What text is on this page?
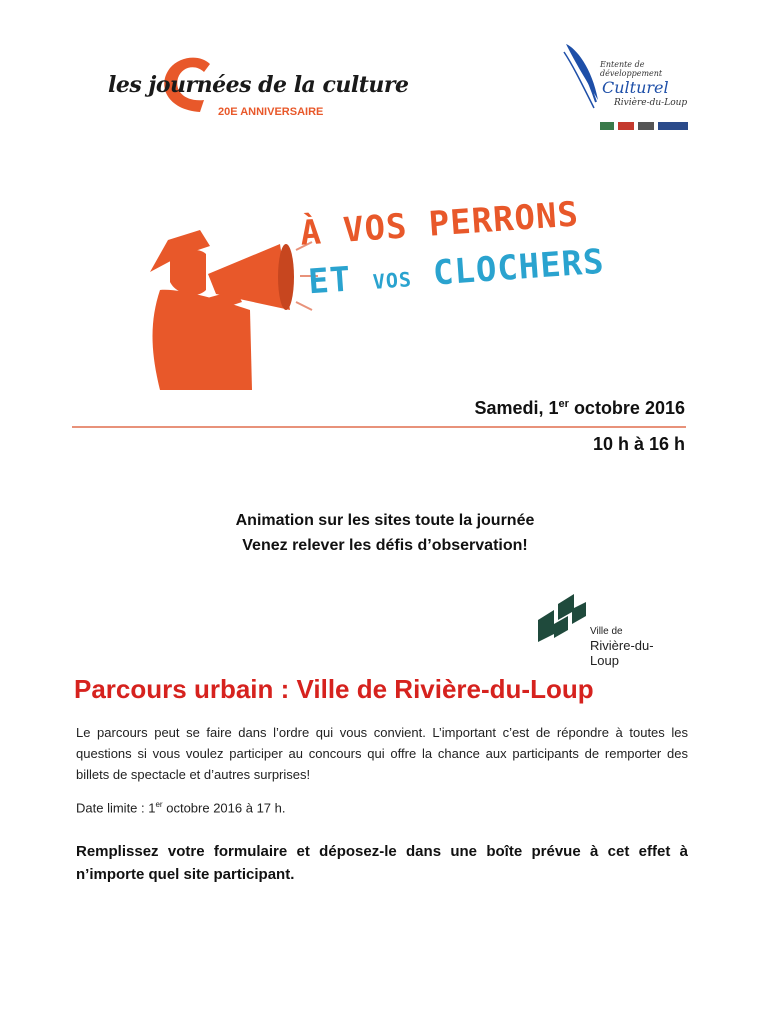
les journées de la culture
20E ANNIVERSAIRE
Entente de
développement
Culturel
Rivière-du-Loup
À VOS PERRONS
ET VOS CLOCHERS
Samedi, 1er octobre 2016
10 h à 16 h
Animation sur les sites toute la journée
Venez relever les défis d’observation!
Ville de
Rivière-du-Loup
Parcours urbain : Ville de Rivière-du-Loup
Le parcours peut se faire dans l’ordre qui vous convient. L’important c’est de répondre à toutes les questions si vous voulez participer au concours qui offre la chance aux participants de remporter des billets de spectacle et d’autres surprises!
Date limite : 1er octobre 2016 à 17 h.
Remplissez votre formulaire et déposez-le dans une boîte prévue à cet effet à n’importe quel site participant.
